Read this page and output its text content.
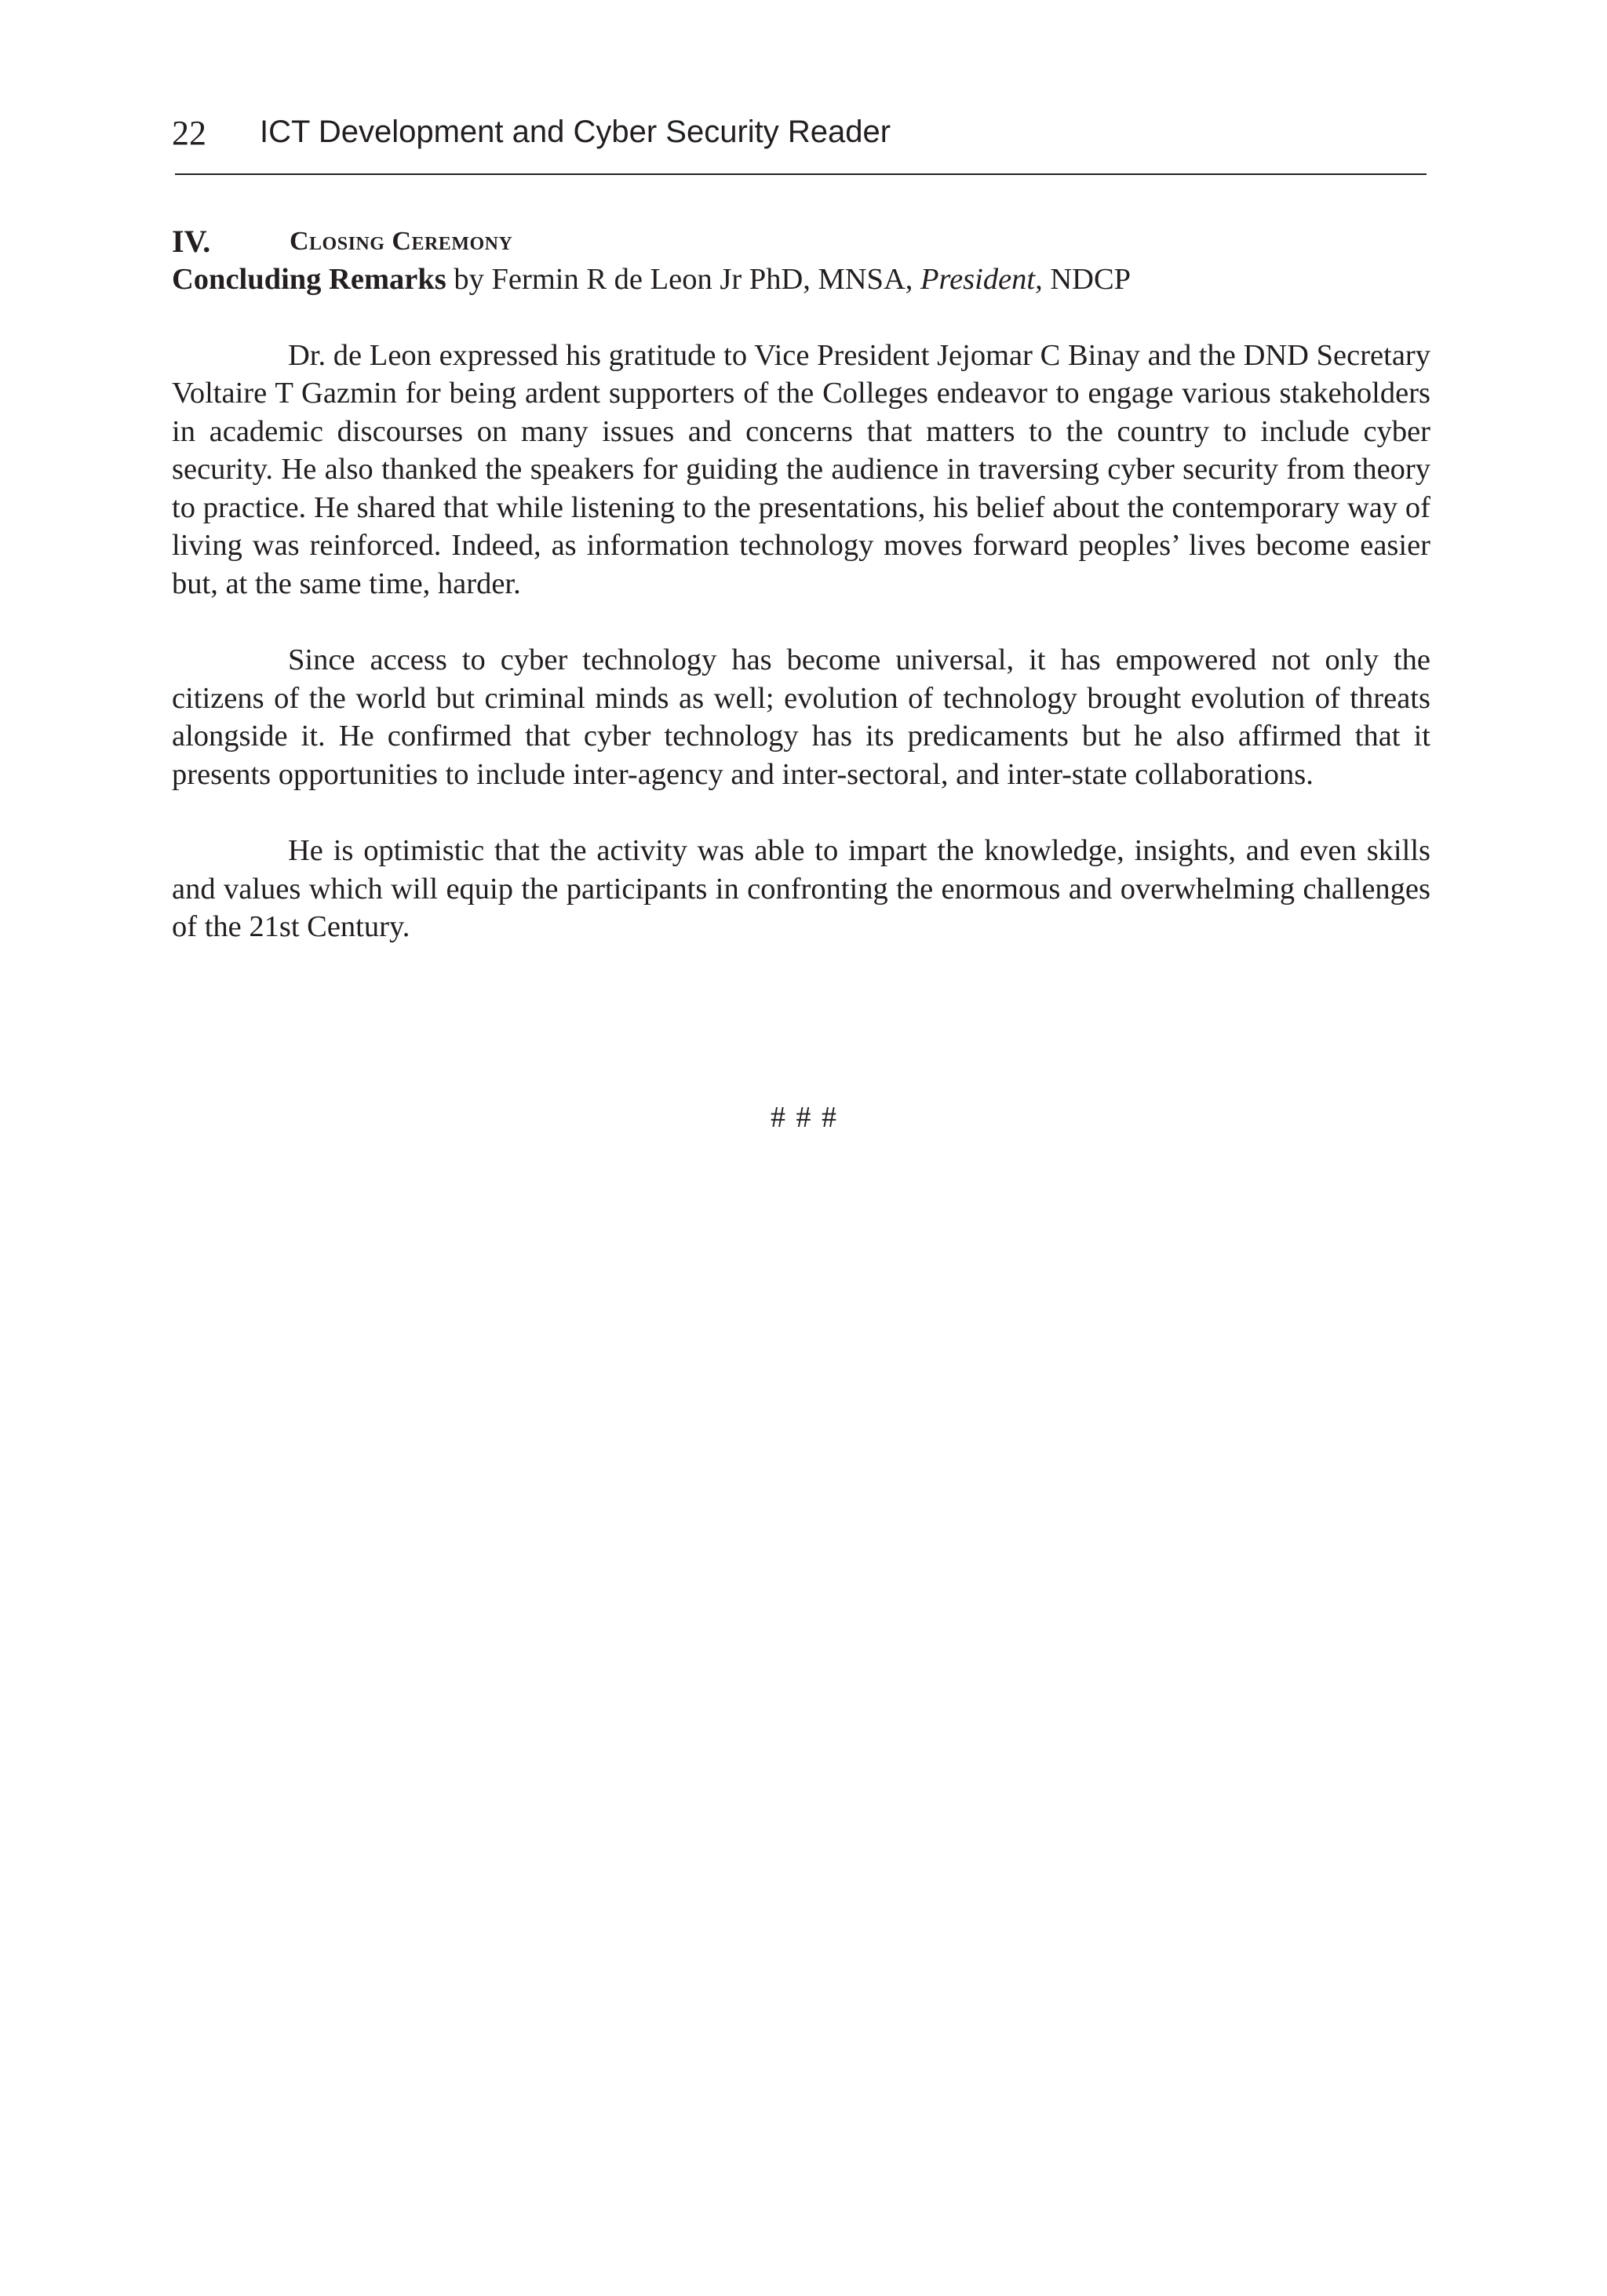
22 ICT Development and Cyber Security Reader
IV.	Closing Ceremony

Concluding Remarks by Fermin R de Leon Jr PhD, MNSA, President, NDCP

Dr. de Leon expressed his gratitude to Vice President Jejomar C Binay and the DND Secretary Voltaire T Gazmin for being ardent supporters of the Colleges endeavor to engage various stakeholders in academic discourses on many issues and concerns that matters to the country to include cyber security. He also thanked the speakers for guiding the audience in traversing cyber security from theory to practice. He shared that while listening to the presentations, his belief about the contemporary way of living was reinforced. Indeed, as information technology moves forward peoples’ lives become easier but, at the same time, harder.

Since access to cyber technology has become universal, it has empowered not only the citizens of the world but criminal minds as well; evolution of technology brought evolution of threats alongside it. He confirmed that cyber technology has its predicaments but he also affirmed that it presents opportunities to include inter-agency and inter-sectoral, and inter-state collaborations.

He is optimistic that the activity was able to impart the knowledge, insights, and even skills and values which will equip the participants in confronting the enormous and overwhelming challenges of the 21st Century.

# # #
